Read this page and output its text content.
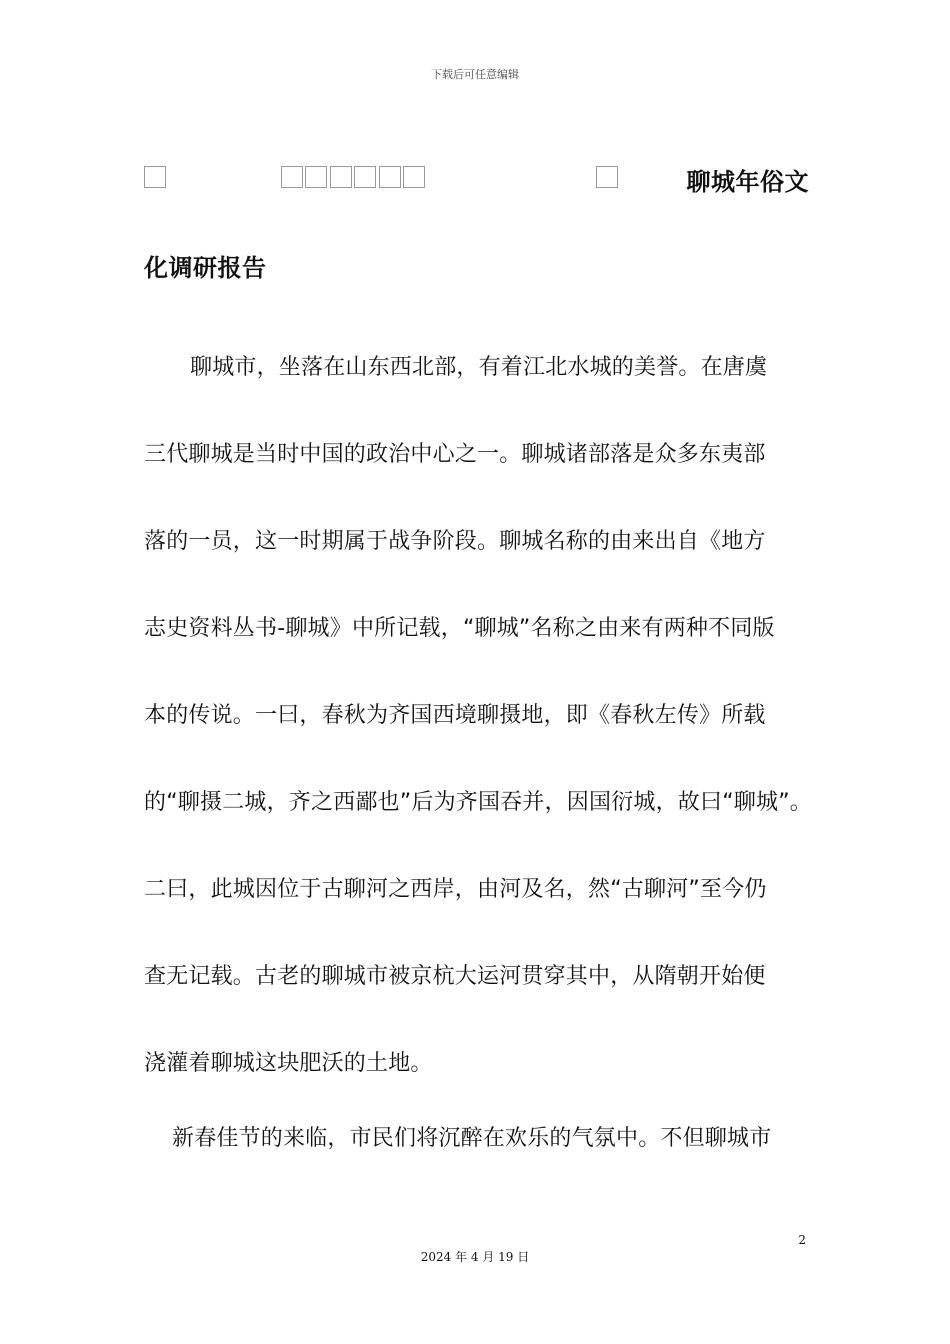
下载后可任意编辑
聊城年俗文
化调研报告
聊城市，坐落在山东西北部，有着江北水城的美誉。在唐虞
三代聊城是当时中国的政治中心之一。聊城诸部落是众多东夷部
落的一员，这一时期属于战争阶段。聊城名称的由来出自《地方
志史资料丛书-聊城》中所记载，“聊城”名称之由来有两种不同版
本的传说。一曰，春秋为齐国西境聊摄地，即《春秋左传》所载
的“聊摄二城，齐之西鄙也”后为齐国吞并，因国衍城，故曰“聊城”。
二曰，此城因位于古聊河之西岸，由河及名，然“古聊河”至今仍
查无记载。古老的聊城市被京杭大运河贯穿其中，从隋朝开始便
浇灌着聊城这块肥沃的土地。
新春佳节的来临，市民们将沉醉在欢乐的气氛中。不但聊城市
2
2024 年 4 月 19 日
